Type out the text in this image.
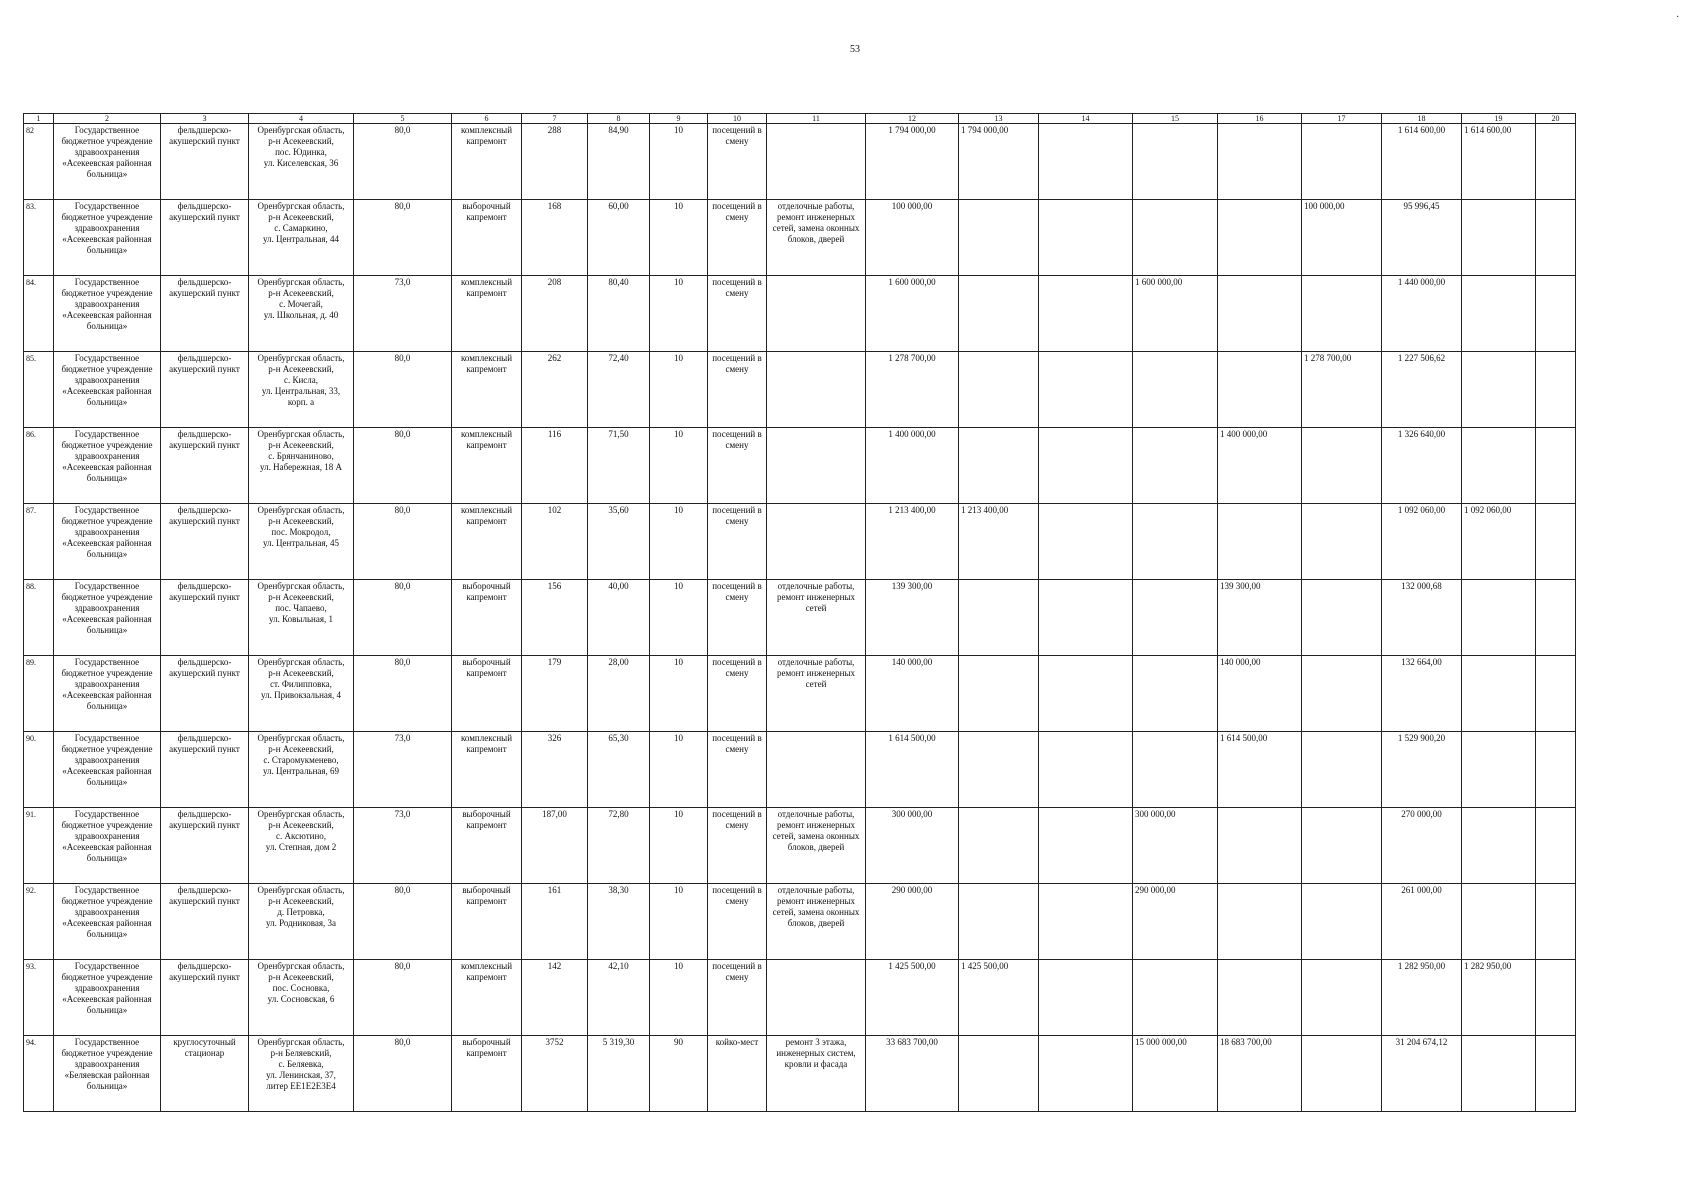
53
·
1	2	3	4	5	6	7	8	9	10	11	12	13	14	15	16	17	18	19	20
82	Государственное
бюджетное учреждение
здравоохранения
«Асекеевская районная
больница»	фельдшерско-
акушерский пункт	Оренбургская область,
р-н Асекеевский,
пос. Юдинка,
ул. Киселевская, 36	80,0	комплексный капремонт	288	84,90	10	посещений в смену		1 794 000,00	1 794 000,00					1 614 600,00	1 614 600,00	
83.	Государственное
бюджетное учреждение
здравоохранения
«Асекеевская районная
больница»	фельдшерско-
акушерский пункт	Оренбургская область,
р-н Асекеевский,
с. Самаркино,
ул. Центральная, 44	80,0	выборочный капремонт	168	60,00	10	посещений в смену	отделочные работы,
ремонт инженерных
сетей, замена оконных
блоков, дверей	100 000,00					100 000,00	95 996,45		
84.	Государственное
бюджетное учреждение
здравоохранения
«Асекеевская районная
больница»	фельдшерско-
акушерский пункт	Оренбургская область,
р-н Асекеевский,
с. Мочегай,
ул. Школьная, д. 40	73,0	комплексный капремонт	208	80,40	10	посещений в смену		1 600 000,00			1 600 000,00			1 440 000,00		
85.	Государственное
бюджетное учреждение
здравоохранения
«Асекеевская районная
больница»	фельдшерско-
акушерский пункт	Оренбургская область,
р-н Асекеевский,
с. Кисла,
ул. Центральная, 33,
корп. а	80,0	комплексный капремонт	262	72,40	10	посещений в смену		1 278 700,00					1 278 700,00	1 227 506,62		
86.	Государственное
бюджетное учреждение
здравоохранения
«Асекеевская районная
больница»	фельдшерско-
акушерский пункт	Оренбургская область,
р-н Асекеевский,
с. Брянчаниново,
ул. Набережная, 18 А	80,0	комплексный капремонт	116	71,50	10	посещений в смену		1 400 000,00				1 400 000,00		1 326 640,00		
87.	Государственное
бюджетное учреждение
здравоохранения
«Асекеевская районная
больница»	фельдшерско-
акушерский пункт	Оренбургская область,
р-н Асекеевский,
пос. Мокродол,
ул. Центральная, 45	80,0	комплексный капремонт	102	35,60	10	посещений в смену		1 213 400,00	1 213 400,00					1 092 060,00	1 092 060,00	
88.	Государственное
бюджетное учреждение
здравоохранения
«Асекеевская районная
больница»	фельдшерско-
акушерский пункт	Оренбургская область,
р-н Асекеевский,
пос. Чапаево,
ул. Ковыльная, 1	80,0	выборочный капремонт	156	40,00	10	посещений в смену	отделочные работы,
ремонт инженерных
сетей	139 300,00				139 300,00		132 000,68		
89.	Государственное
бюджетное учреждение
здравоохранения
«Асекеевская районная
больница»	фельдшерско-
акушерский пункт	Оренбургская область,
р-н Асекеевский,
ст. Филипповка,
ул. Привокзальная, 4	80,0	выборочный капремонт	179	28,00	10	посещений в смену	отделочные работы,
ремонт инженерных
сетей	140 000,00				140 000,00		132 664,00		
90.	Государственное
бюджетное учреждение
здравоохранения
«Асекеевская районная
больница»	фельдшерско-
акушерский пункт	Оренбургская область,
р-н Асекеевский,
с. Старомукменево,
ул. Центральная, 69	73,0	комплексный капремонт	326	65,30	10	посещений в смену		1 614 500,00				1 614 500,00		1 529 900,20		
91.	Государственное
бюджетное учреждение
здравоохранения
«Асекеевская районная
больница»	фельдшерско-
акушерский пункт	Оренбургская область,
р-н Асекеевский,
с. Аксютино,
ул. Степная, дом 2	73,0	выборочный капремонт	187,00	72,80	10	посещений в смену	отделочные работы,
ремонт инженерных
сетей, замена оконных
блоков, дверей	300 000,00			300 000,00			270 000,00		
92.	Государственное
бюджетное учреждение
здравоохранения
«Асекеевская районная
больница»	фельдшерско-
акушерский пункт	Оренбургская область,
р-н Асекеевский,
д. Петровка,
ул. Родниковая, 3а	80,0	выборочный капремонт	161	38,30	10	посещений в смену	отделочные работы,
ремонт инженерных
сетей, замена оконных
блоков, дверей	290 000,00			290 000,00			261 000,00		
93.	Государственное
бюджетное учреждение
здравоохранения
«Асекеевская районная
больница»	фельдшерско-
акушерский пункт	Оренбургская область,
р-н Асекеевский,
пос. Сосновка,
ул. Сосновская, 6	80,0	комплексный капремонт	142	42,10	10	посещений в смену		1 425 500,00	1 425 500,00					1 282 950,00	1 282 950,00	
94.	Государственное
бюджетное учреждение
здравоохранения
«Беляевская районная
больница»	круглосуточный
стационар	Оренбургская область,
р-н Беляевский,
с. Беляевка,
ул. Ленинская, 37,
литер ЕЕ1Е2Е3Е4	80,0	выборочный капремонт	3752	5 319,30	90	койко-мест	ремонт 3 этажа,
инженерных систем,
кровли и фасада	33 683 700,00			15 000 000,00	18 683 700,00		31 204 674,12		
